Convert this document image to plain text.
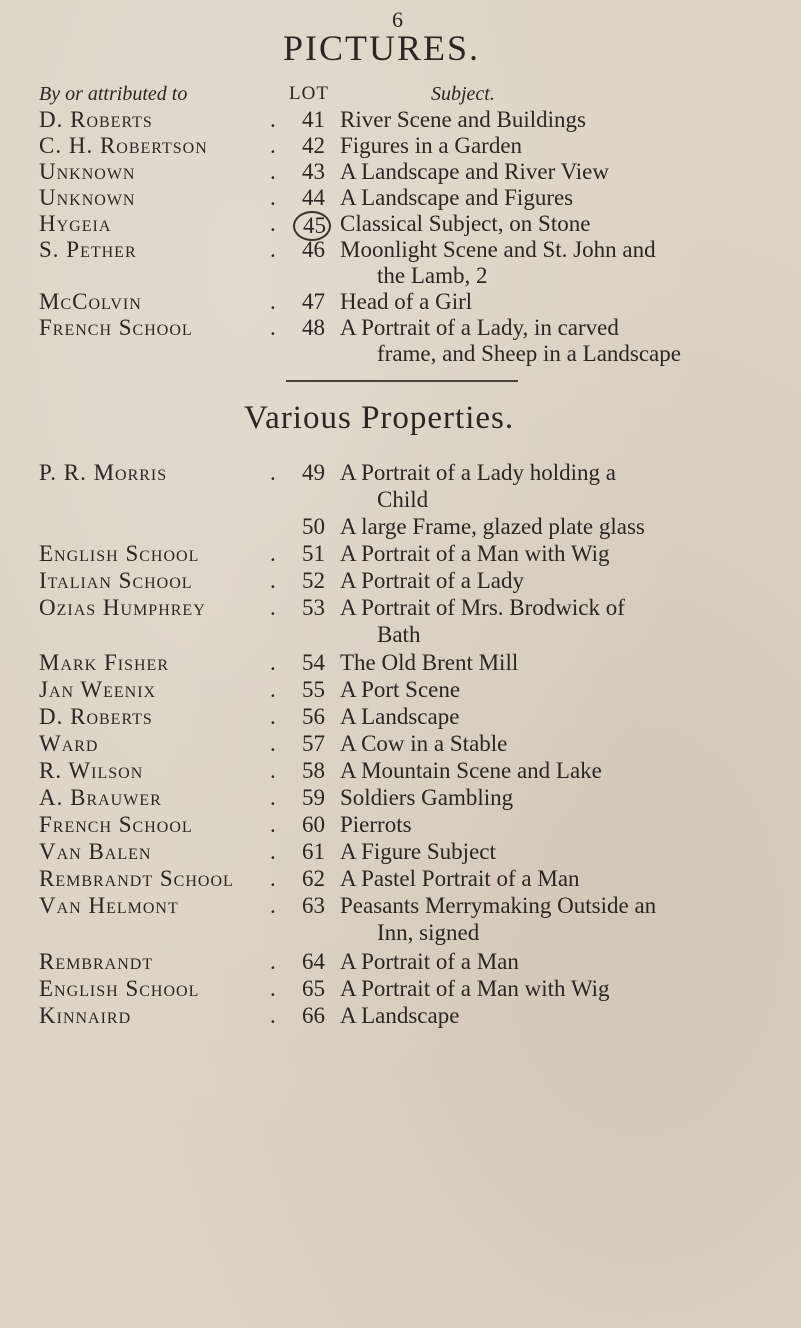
6
PICTURES.
By or attributed to	LOT	Subject.
D. Roberts	. 41 River Scene and Buildings
C. H. Robertson	. 42 Figures in a Garden
Unknown	. 43 A Landscape and River View
Unknown	. 44 A Landscape and Figures
Hygeia	.	45 Classical Subject, on Stone
S. Pether	. 46 Moonlight Scene and St. John and
the Lamb, 2
McColvin	. 47 Head of a Girl
French School	. 48 A Portrait of a Lady, in carved
frame, and Sheep in a Landscape
Various Properties.
P. R. Morris	. 49 A Portrait of a Lady holding a
Child
50 A large Frame, glazed plate glass
English School	. 51 A Portrait of a Man with Wig
Italian School	. 52 A Portrait of a Lady
Ozias Humphrey	. 53 A Portrait of Mrs. Brodwick of
Bath
Mark Fisher	. 54 The Old Brent Mill
Jan Weenix	. 55 A Port Scene
D. Roberts	. 56 A Landscape
Ward	. 57 A Cow in a Stable
R. Wilson	. 58 A Mountain Scene and Lake
A. Brauwer	. 59 Soldiers Gambling
French School	. 60 Pierrots
Van Balen	. 61 A Figure Subject
Rembrandt School . 62 A Pastel Portrait of a Man
Van Helmont	. 63 Peasants Merrymaking Outside an
Inn, signed
Rembrandt	. 64 A Portrait of a Man
English School	. 65 A Portrait of a Man with Wig
Kinnaird	. 66 A Landscape
